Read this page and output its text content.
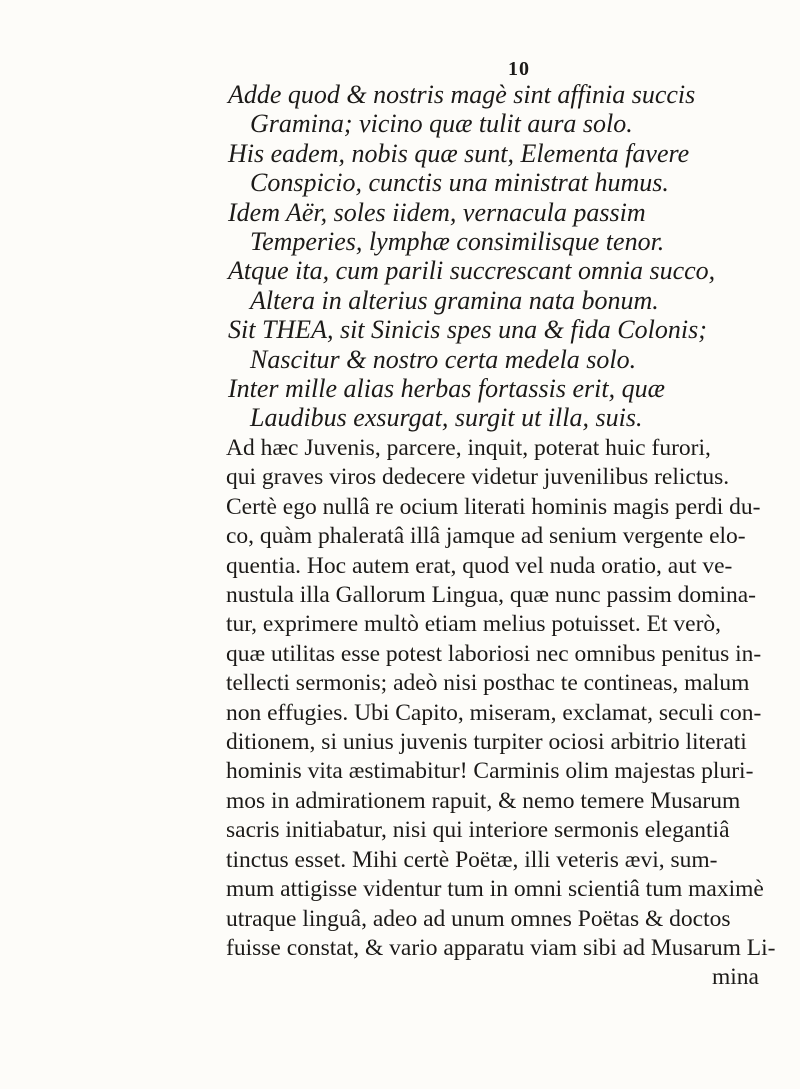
10
Adde quod & nostris magè sint affinia succis
Gramina; vicino quæ tulit aura solo.
His eadem, nobis quæ sunt, Elementa favere
Conspicio, cunctis una ministrat humus.
Idem Aër, soles iidem, vernacula passim
Temperies, lymphæ consimilisque tenor.
Atque ita, cum parili succrescant omnia succo,
Altera in alterius gramina nata bonum.
Sit THEA, sit Sinicis spes una & fida Colonis;
Nascitur & nostro certa medela solo.
Inter mille alias herbas fortassis erit, quæ
Laudibus exsurgat, surgit ut illa, suis.
Ad hæc Juvenis, parcere, inquit, poterat huic furori,
qui graves viros dedecere videtur juvenilibus relictus.
Certè ego nullâ re ocium literati hominis magis perdi du-
co, quàm phaleratâ illâ jamque ad senium vergente elo-
quentia. Hoc autem erat, quod vel nuda oratio, aut ve-
nustula illa Gallorum Lingua, quæ nunc passim domina-
tur, exprimere multò etiam melius potuisset. Et verò,
quæ utilitas esse potest laboriosi nec omnibus penitus in-
tellecti sermonis; adeò nisi posthac te contineas, malum
non effugies. Ubi Capito, miseram, exclamat, seculi con-
ditionem, si unius juvenis turpiter ociosi arbitrio literati
hominis vita æstimabitur! Carminis olim majestas pluri-
mos in admirationem rapuit, & nemo temere Musarum
sacris initiabatur, nisi qui interiore sermonis elegantiâ
tinctus esset. Mihi certè Poëtæ, illi veteris ævi, sum-
mum attigisse videntur tum in omni scientiâ tum maximè
utraque linguâ, adeo ad unum omnes Poëtas & doctos
fuisse constat, & vario apparatu viam sibi ad Musarum Li-
mina
